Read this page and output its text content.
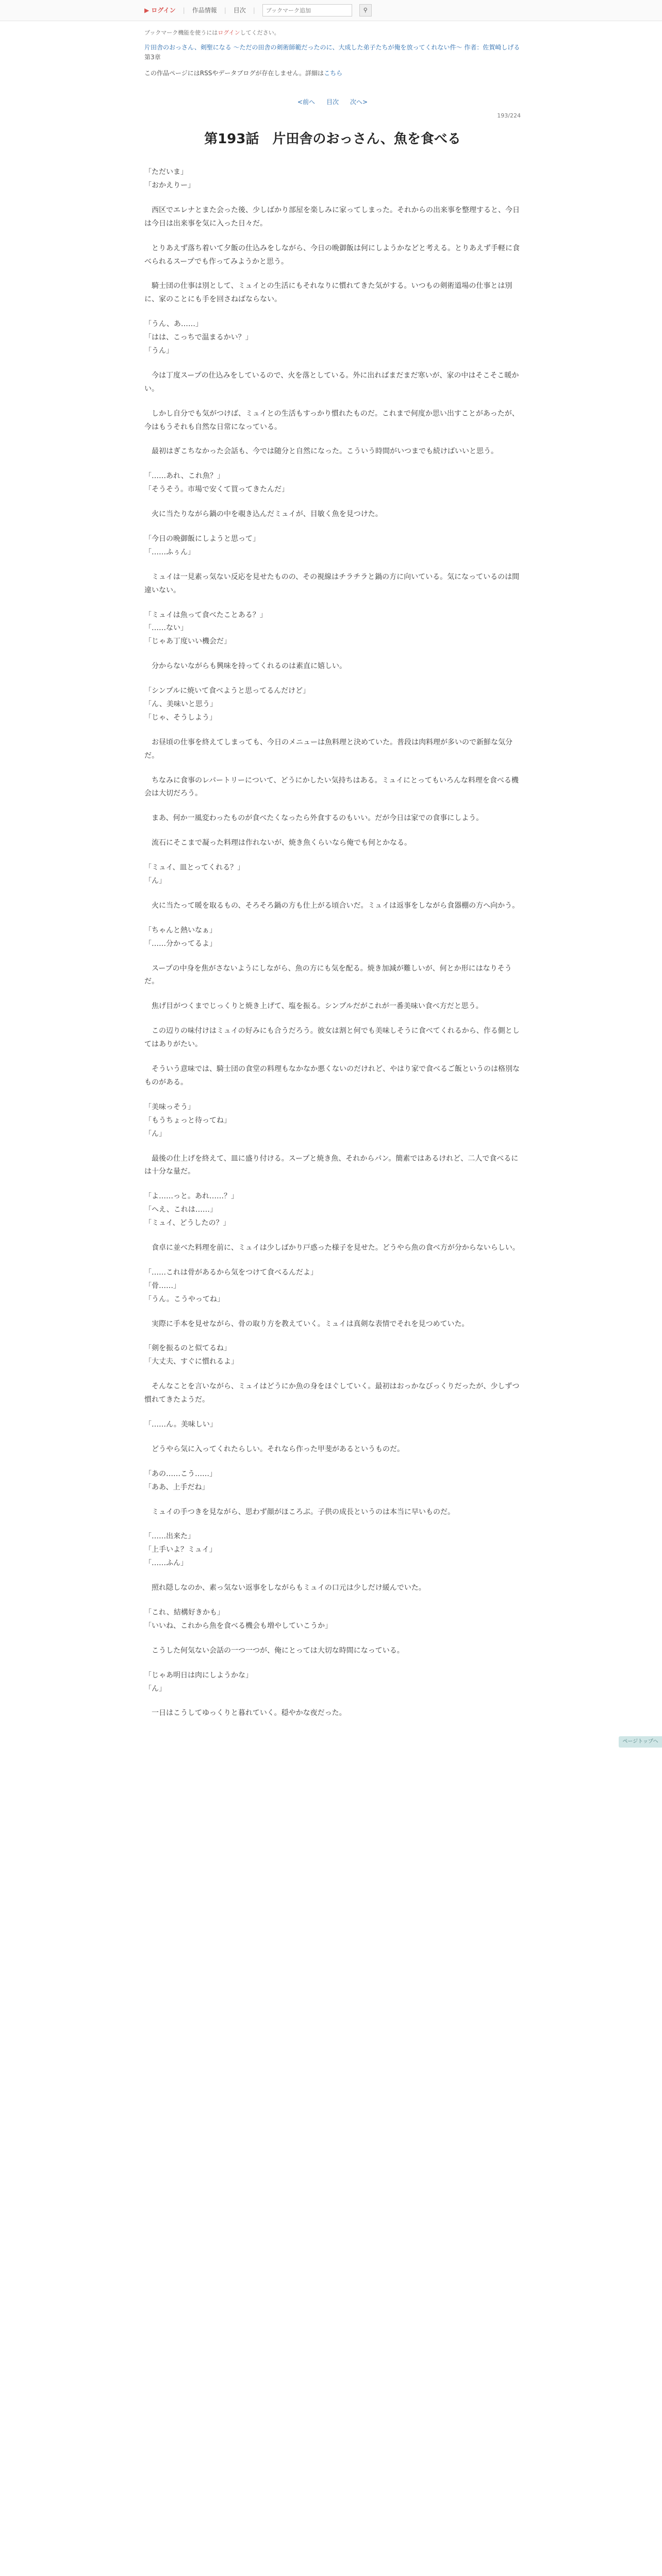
▶ ログイン | 作品情報 | 目次 |
ブックマーク追加	⚲
ブックマーク機能を使うにはログインしてください。
片田舎のおっさん、剣聖になる ～ただの田舎の剣術師範だったのに、大成した弟子たちが俺を放ってくれない件～ 作者：佐賀崎しげる
第3章
この作品ページにはRSSやデータブログが存在しません。詳細はこちら
<前へ 目次 次へ>
193/224
第193話　片田舎のおっさん、魚を食べる

「ただいま」
「おかえりー」

　西区でエレナとまた会った後、少しばかり部屋を楽しみに家ってしまった。それからの出来事を整理すると、今日は今日は出来事を気に入った日々だ。

　とりあえず落ち着いて夕飯の仕込みをしながら、今日の晩御飯は何にしようかなどと考える。とりあえず手軽に食べられるスープでも作ってみようかと思う。

　騎士団の仕事は別として、ミュイとの生活にもそれなりに慣れてきた気がする。いつもの剣術道場の仕事とは別に、家のことにも手を回さねばならない。

「うん、あ……」
「はは、こっちで温まるかい？」
「うん」

　今は丁度スープの仕込みをしているので、火を落としている。外に出ればまだまだ寒いが、家の中はそこそこ暖かい。

　しかし自分でも気がつけば、ミュイとの生活もすっかり慣れたものだ。これまで何度か思い出すことがあったが、今はもうそれも自然な日常になっている。

　最初はぎこちなかった会話も、今では随分と自然になった。こういう時間がいつまでも続けばいいと思う。

「……あれ、これ魚？」
「そうそう。市場で安くて買ってきたんだ」

　火に当たりながら鍋の中を覗き込んだミュイが、目敏く魚を見つけた。

「今日の晩御飯にしようと思って」
「……ふぅん」

　ミュイは一見素っ気ない反応を見せたものの、その視線はチラチラと鍋の方に向いている。気になっているのは間違いない。

「ミュイは魚って食べたことある？」
「……ない」
「じゃあ丁度いい機会だ」

　分からないながらも興味を持ってくれるのは素直に嬉しい。

「シンプルに焼いて食べようと思ってるんだけど」
「ん、美味いと思う」
「じゃ、そうしよう」

　お昼頃の仕事を終えてしまっても、今日のメニューは魚料理と決めていた。普段は肉料理が多いので新鮮な気分だ。

　ちなみに食事のレパートリーについて、どうにかしたい気持ちはある。ミュイにとってもいろんな料理を食べる機会は大切だろう。

　まあ、何か一風変わったものが食べたくなったら外食するのもいい。だが今日は家での食事にしよう。

　流石にそこまで凝った料理は作れないが、焼き魚くらいなら俺でも何とかなる。

「ミュイ、皿とってくれる？」
「ん」

　火に当たって暖を取るもの、そろそろ鍋の方も仕上がる頃合いだ。ミュイは返事をしながら食器棚の方へ向かう。

「ちゃんと熱いなぁ」
「……分かってるよ」

　スープの中身を焦がさないようにしながら、魚の方にも気を配る。焼き加減が難しいが、何とか形にはなりそうだ。

　焦げ目がつくまでじっくりと焼き上げて、塩を振る。シンプルだがこれが一番美味い食べ方だと思う。

　この辺りの味付けはミュイの好みにも合うだろう。彼女は割と何でも美味しそうに食べてくれるから、作る側としてはありがたい。

　そういう意味では、騎士団の食堂の料理もなかなか悪くないのだけれど、やはり家で食べるご飯というのは格別なものがある。

「美味っそう」
「もうちょっと待ってね」
「ん」

　最後の仕上げを終えて、皿に盛り付ける。スープと焼き魚、それからパン。簡素ではあるけれど、二人で食べるには十分な量だ。

「よ……っと。あれ……？」
「へえ、これは……」
「ミュイ、どうしたの？」

　食卓に並べた料理を前に、ミュイは少しばかり戸惑った様子を見せた。どうやら魚の食べ方が分からないらしい。

「……これは骨があるから気をつけて食べるんだよ」
「骨……」
「うん。こうやってね」

　実際に手本を見せながら、骨の取り方を教えていく。ミュイは真剣な表情でそれを見つめていた。

「剣を振るのと似てるね」
「大丈夫、すぐに慣れるよ」

　そんなことを言いながら、ミュイはどうにか魚の身をほぐしていく。最初はおっかなびっくりだったが、少しずつ慣れてきたようだ。

「……ん。美味しい」

　どうやら気に入ってくれたらしい。それなら作った甲斐があるというものだ。

「あの……こう……」
「ああ、上手だね」

　ミュイの手つきを見ながら、思わず顔がほころぶ。子供の成長というのは本当に早いものだ。

「……出来た」
「上手いよ？ミュイ」
「……ふん」

　照れ隠しなのか、素っ気ない返事をしながらもミュイの口元は少しだけ緩んでいた。

「これ、結構好きかも」
「いいね、これから魚を食べる機会も増やしていこうか」

　こうした何気ない会話の一つ一つが、俺にとっては大切な時間になっている。

「じゃあ明日は肉にしようかな」
「ん」

　一日はこうしてゆっくりと暮れていく。穏やかな夜だった。

ページトップへ
